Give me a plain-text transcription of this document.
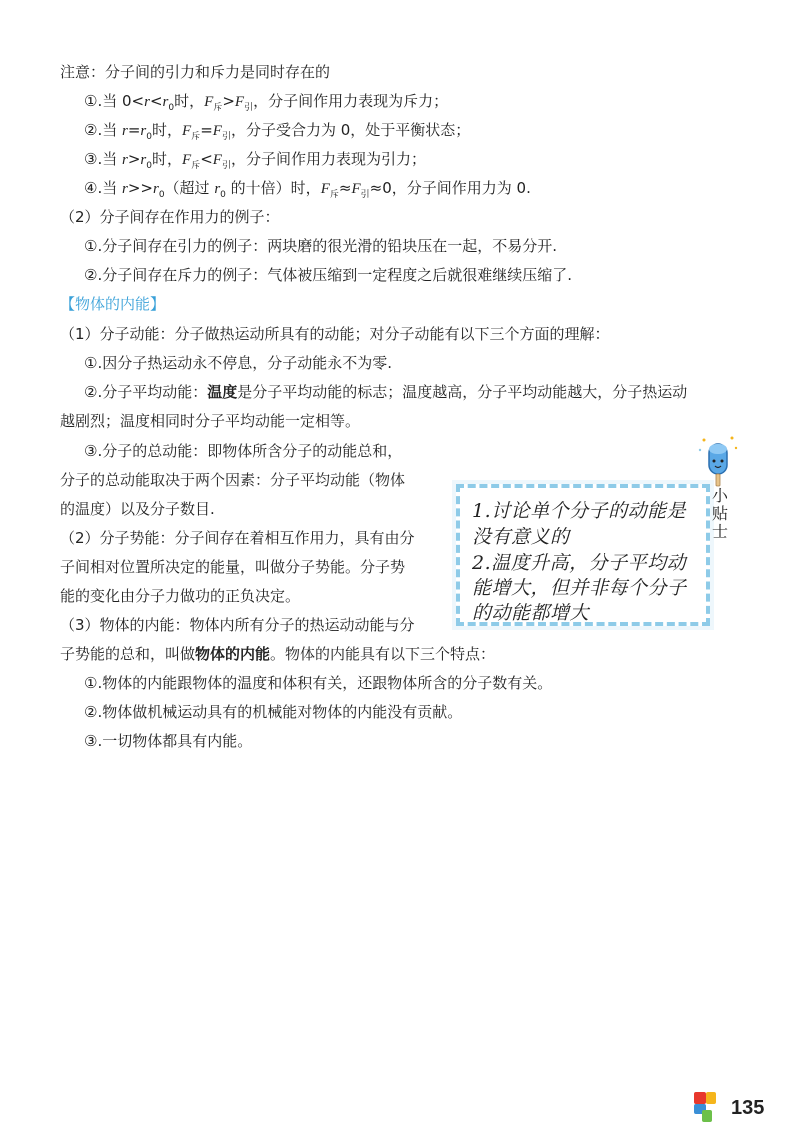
注意：分子间的引力和斥力是同时存在的
①.当 $0<r<r_0$时，$F_斥>F_引$，分子间作用力表现为斥力；
②.当 $r=r_0$时，$F_斥=F_引$，分子受合力为 0，处于平衡状态；
③.当 $r>r_0$时，$F_斥<F_引$，分子间作用力表现为引力；
④.当 $r>>r_0$（超过 $r_0$ 的十倍）时，$F_斥\approx F_引\approx 0$，分子间作用力为 0.
（2）分子间存在作用力的例子：
①.分子间存在引力的例子：两块磨的很光滑的铅块压在一起，不易分开.
②.分子间存在斥力的例子：气体被压缩到一定程度之后就很难继续压缩了.
【物体的内能】
（1）分子动能：分子做热运动所具有的动能；对分子动能有以下三个方面的理解：
①.因分子热运动永不停息，分子动能永不为零.
②.分子平均动能：温度是分子平均动能的标志；温度越高，分子平均动能越大，分子热运动
越剧烈；温度相同时分子平均动能一定相等。
③.分子的总动能：即物体所含分子的动能总和，
分子的总动能取决于两个因素：分子平均动能（物体
的温度）以及分子数目.
（2）分子势能：分子间存在着相互作用力，具有由分
子间相对位置所决定的能量，叫做分子势能。分子势
能的变化由分子力做功的正负决定。
（3）物体的内能：物体内所有分子的热运动动能与分
子势能的总和，叫做物体的内能。物体的内能具有以下三个特点：
①.物体的内能跟物体的温度和体积有关，还跟物体所含的分子数有关。
②.物体做机械运动具有的机械能对物体的内能没有贡献。
③.一切物体都具有内能。
1.讨论单个分子的动能是
没有意义的
2.温度升高，分子平均动
能增大，但并非每个分子
的动能都增大
小
贴
士
135
